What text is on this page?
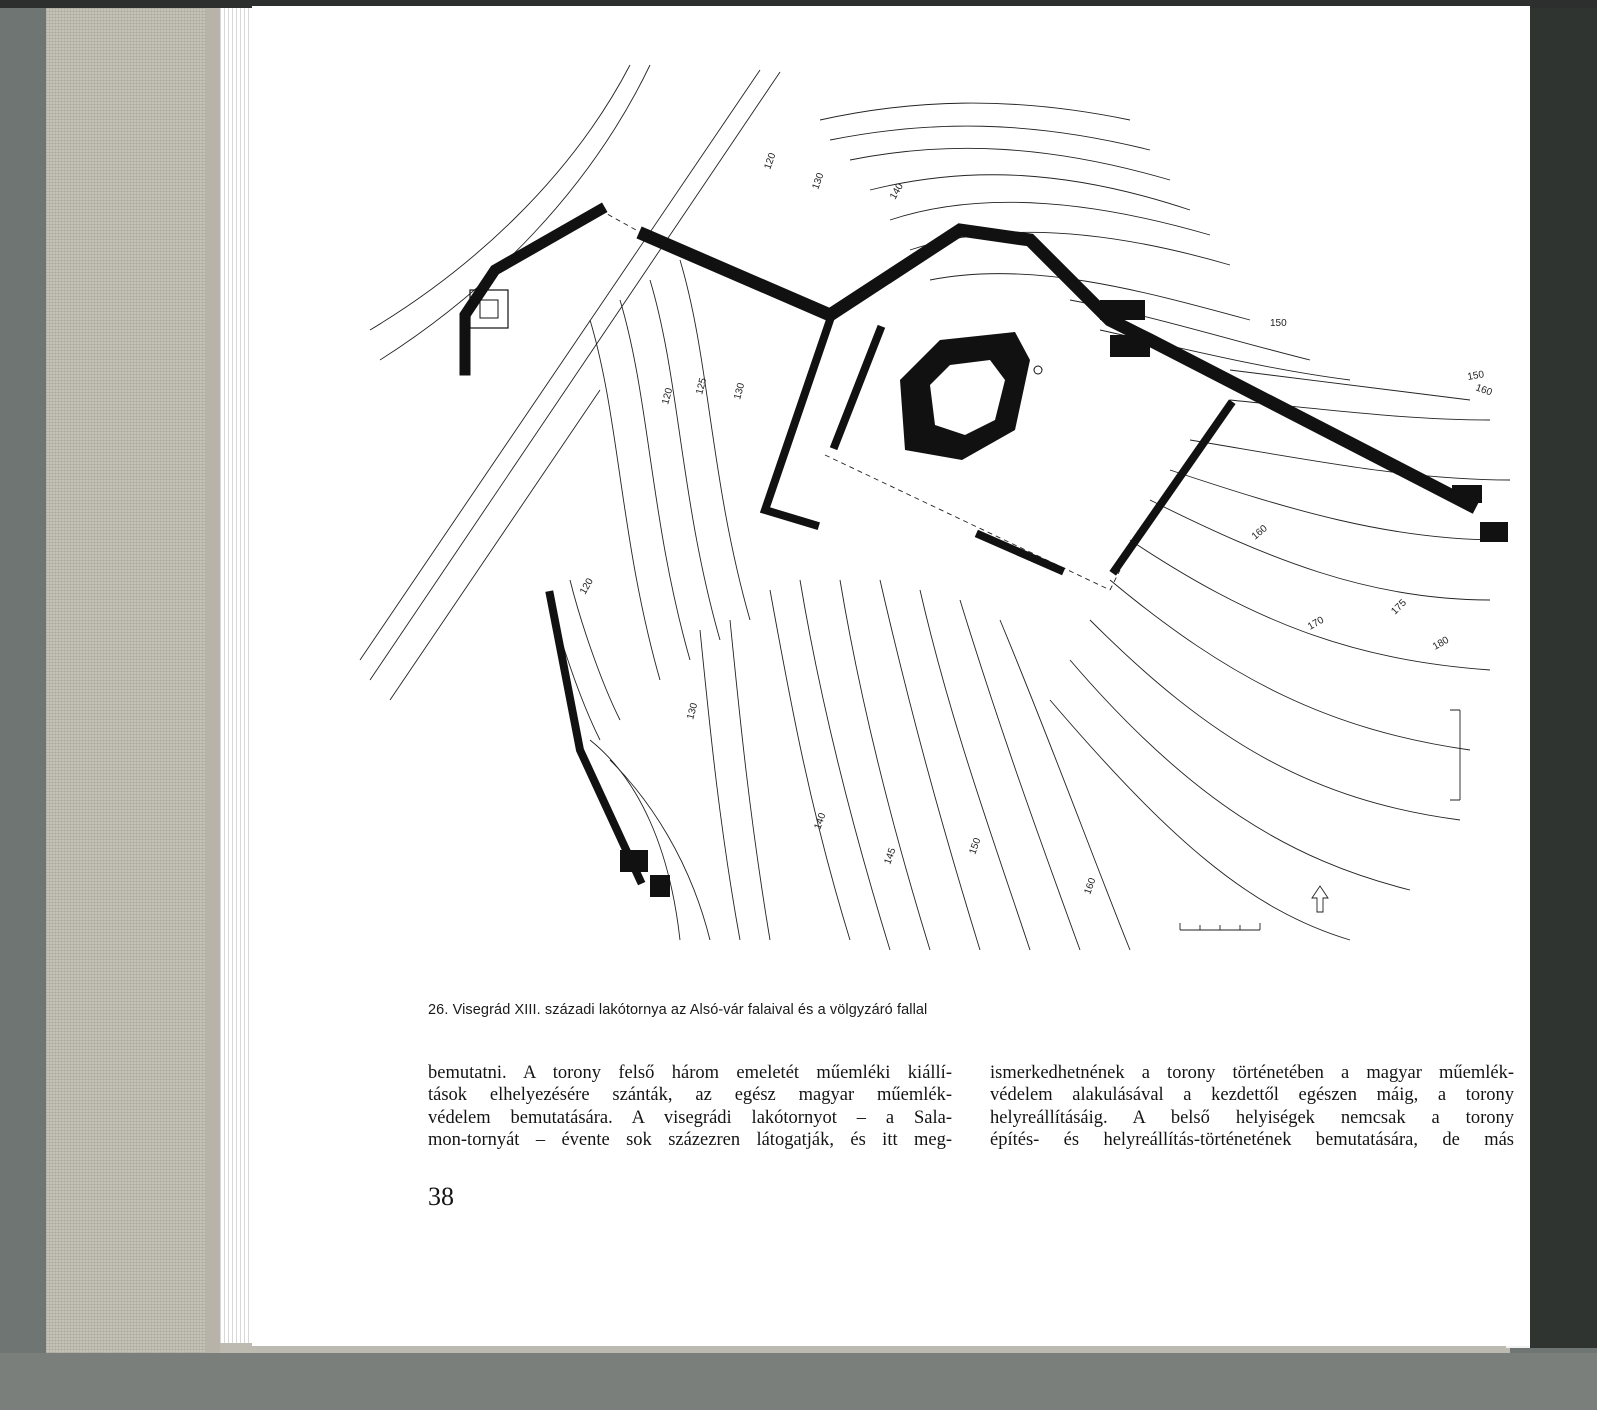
120
130
140
150
160
120
125 130
150
160
170
175
180
120
130
140
145
150
160

26. Visegrád XIII. századi lakótornya az Alsó-vár falaival és a völgyzáró fallal

bemutatni. A torony felső három emeletét műemléki kiállí-
tások elhelyezésére szánták, az egész magyar műemlék-
védelem bemutatására. A visegrádi lakótornyot – a Sala-
mon-tornyát – évente sok százezren látogatják, és itt meg-
ismerkedhetnének a torony történetében a magyar műemlék-
védelem alakulásával a kezdettől egészen máig, a torony
helyreállításáig. A belső helyiségek nemcsak a torony
építés- és helyreállítás-történetének bemutatására, de más
38
